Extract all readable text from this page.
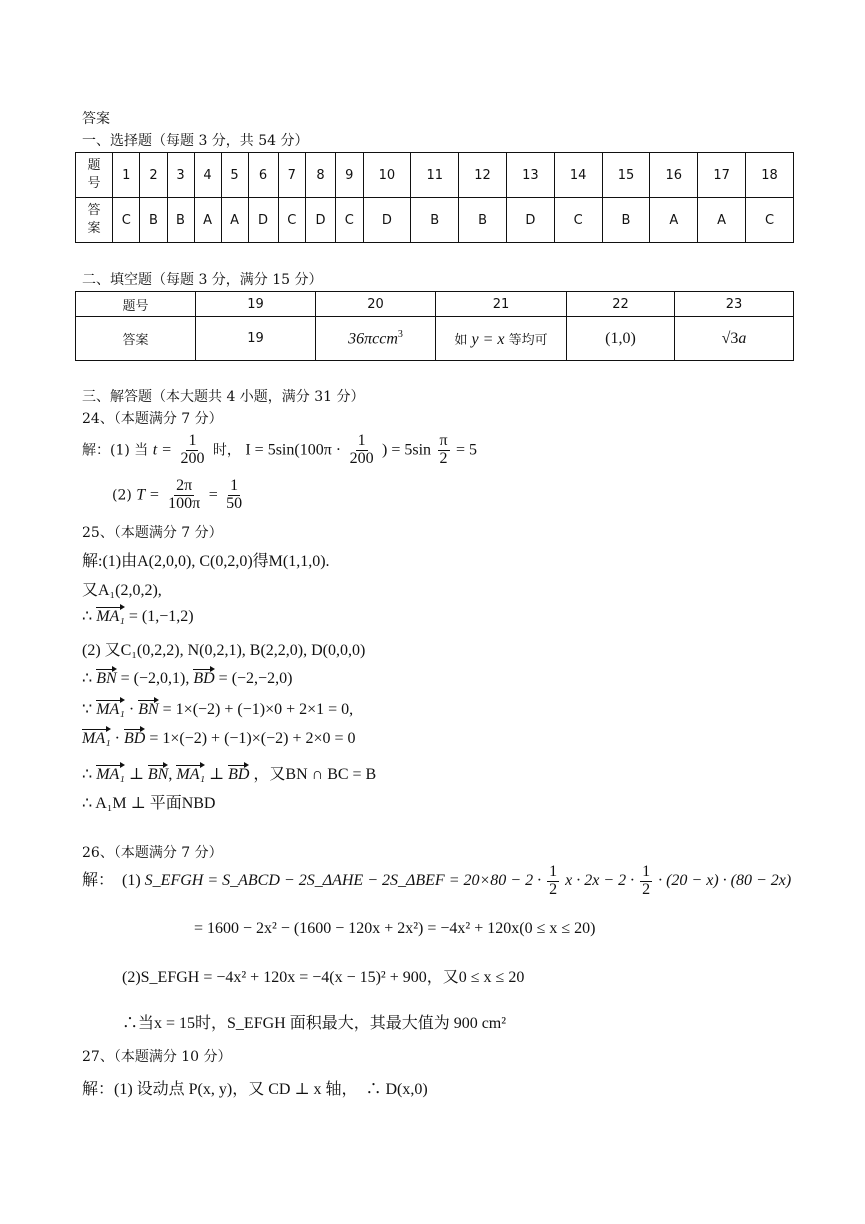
答案
一、选择题（每题 3 分，共 54 分）
题
号	1	2	3	4	5	6	7	8	9	10	11	12	13	14	15	16	17	18
答
案	C	B	B	A	A	D	C	D	C	D	B	B	D	C	B	A	A	C
二、填空题（每题 3 分，满分 15 分）
题号	19	20	21	22	23
答案	19	36πccm$^3$	如 y = x 等均可	(1,0)	√3a
三、解答题（本大题共 4 小题，满分 31 分）
24、（本题满分 7 分）
解：(1) 当 $t = \frac{1}{200}$ 时， $I = 5\sin(100\pi \cdot \frac{1}{200}$ ) = $5\sin \frac{\pi}{2} = 5$
(2) $T = \frac{2\pi}{100\pi} = \frac{1}{50}$
25、（本题满分 7 分）
解:(1)由A(2,0,0), C(0,2,0)得M(1,1,0).
又A₁(2,0,2),
∴ MA₁ = (1,−1,2)
(2) 又C₁(0,2,2), N(0,2,1), B(2,2,0), D(0,0,0)
∴ BN = (−2,0,1), BD = (−2,−2,0)
∵ MA₁ · BN = 1×(−2) + (−1)×0 + 2×1 = 0,
MA₁ · BD = 1×(−2) + (−1)×(−2) + 2×0 = 0
∴ MA₁ ⊥ BN, MA₁ ⊥ BD ，又BN ∩ BC = B
∴ A₁M ⊥ 平面NBD
26、（本题满分 7 分）
解：　(1) S_EFGH = S_ABCD − 2S_ΔAHE − 2S_ΔBEF = $20\times 80 - 2 \cdot \frac{1}{2}$ $x \cdot 2x - 2 \cdot \frac{1}{2} \cdot (20 - x) \cdot (80 - 2x)$
= 1600 − 2x² − (1600 − 120x + 2x²) = −4x² + 120x(0 ≤ x ≤ 20)
(2)S_EFGH = −4x² + 120x = −4(x − 15)² + 900，又0 ≤ x ≤ 20
∴当x = 15时，S_EFGH 面积最大，其最大值为 900 cm²
27、（本题满分 10 分）
解：(1) 设动点 P(x, y)，又 CD ⊥ x 轴，　∴ D(x,0)
